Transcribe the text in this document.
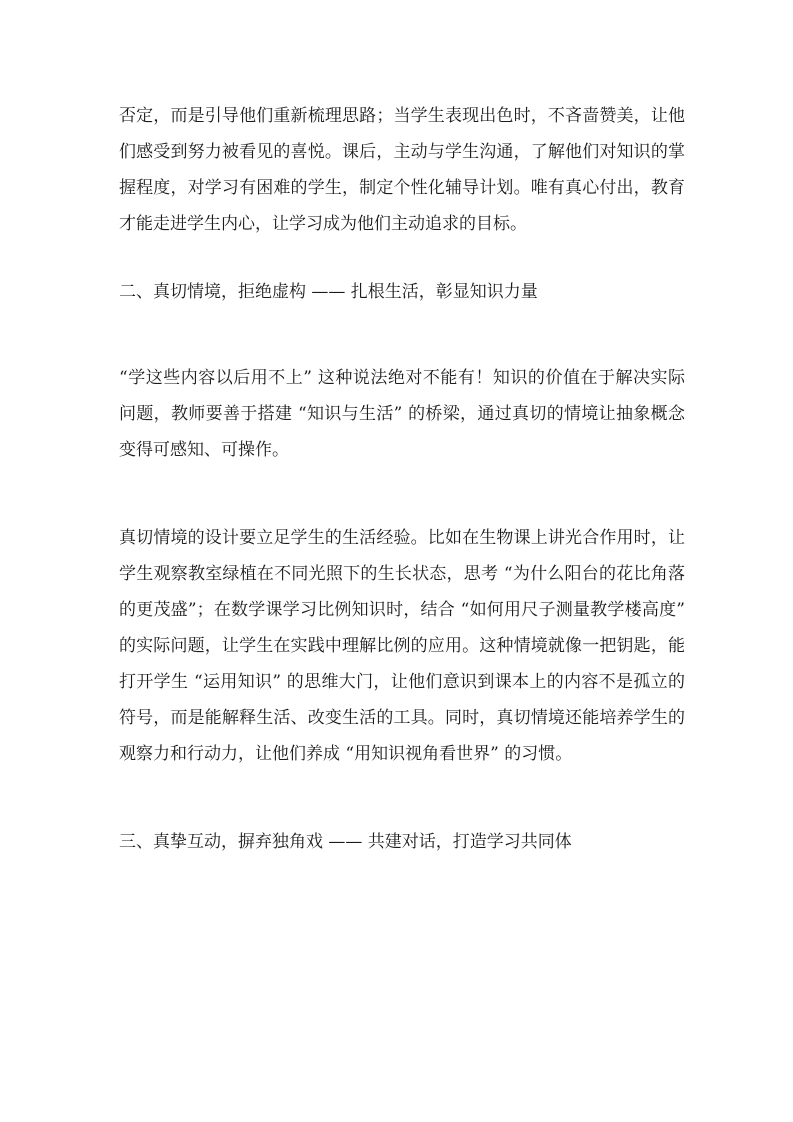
否定，而是引导他们重新梳理思路；当学生表现出色时，不吝啬赞美，让他们感受到努力被看见的喜悦。课后，主动与学生沟通，了解他们对知识的掌握程度，对学习有困难的学生，制定个性化辅导计划。唯有真心付出，教育才能走进学生内心，让学习成为他们主动追求的目标。

二、真切情境，拒绝虚构 —— 扎根生活，彰显知识力量

“学这些内容以后用不上” 这种说法绝对不能有！知识的价值在于解决实际问题，教师要善于搭建 “知识与生活” 的桥梁，通过真切的情境让抽象概念变得可感知、可操作。

真切情境的设计要立足学生的生活经验。比如在生物课上讲光合作用时，让学生观察教室绿植在不同光照下的生长状态，思考 “为什么阳台的花比角落的更茂盛”；在数学课学习比例知识时，结合 “如何用尺子测量教学楼高度” 的实际问题，让学生在实践中理解比例的应用。这种情境就像一把钥匙，能打开学生 “运用知识” 的思维大门，让他们意识到课本上的内容不是孤立的符号，而是能解释生活、改变生活的工具。同时，真切情境还能培养学生的观察力和行动力，让他们养成 “用知识视角看世界” 的习惯。

三、真挚互动，摒弃独角戏 —— 共建对话，打造学习共同体
